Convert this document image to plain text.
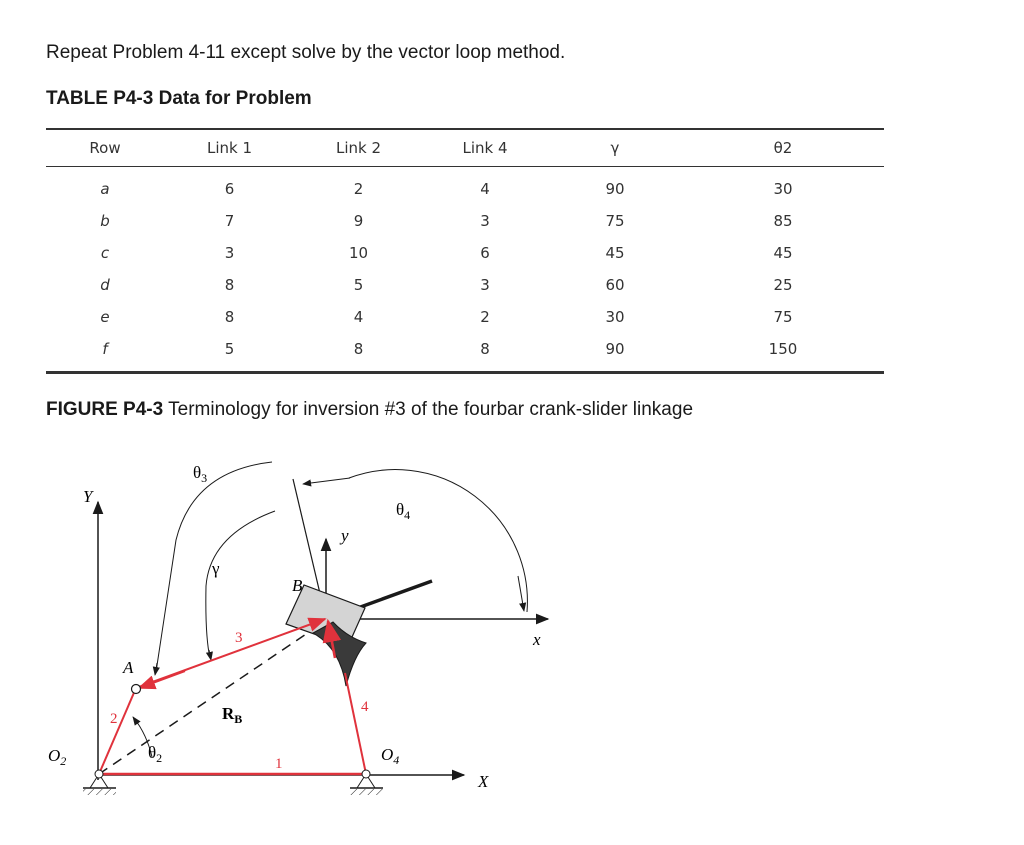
Repeat Problem 4-11 except solve by the vector loop method.
TABLE P4-3 Data for Problem
Row	Link 1	Link 2	Link 4	γ	θ2
a	6	2	4	90	30
b	7	9	3	75	85
c	3	10	6	45	45
d	8	5	3	60	25
e	8	4	2	30	75
f	5	8	8	90	150
FIGURE P4-3 Terminology for inversion #3 of the fourbar crank-slider linkage
Y
X
x
y
A
B
$O_2$	$O_4$
$R_B$
$\theta_2$
$\theta_3$
$\theta_4$
γ
1
2
3
4
